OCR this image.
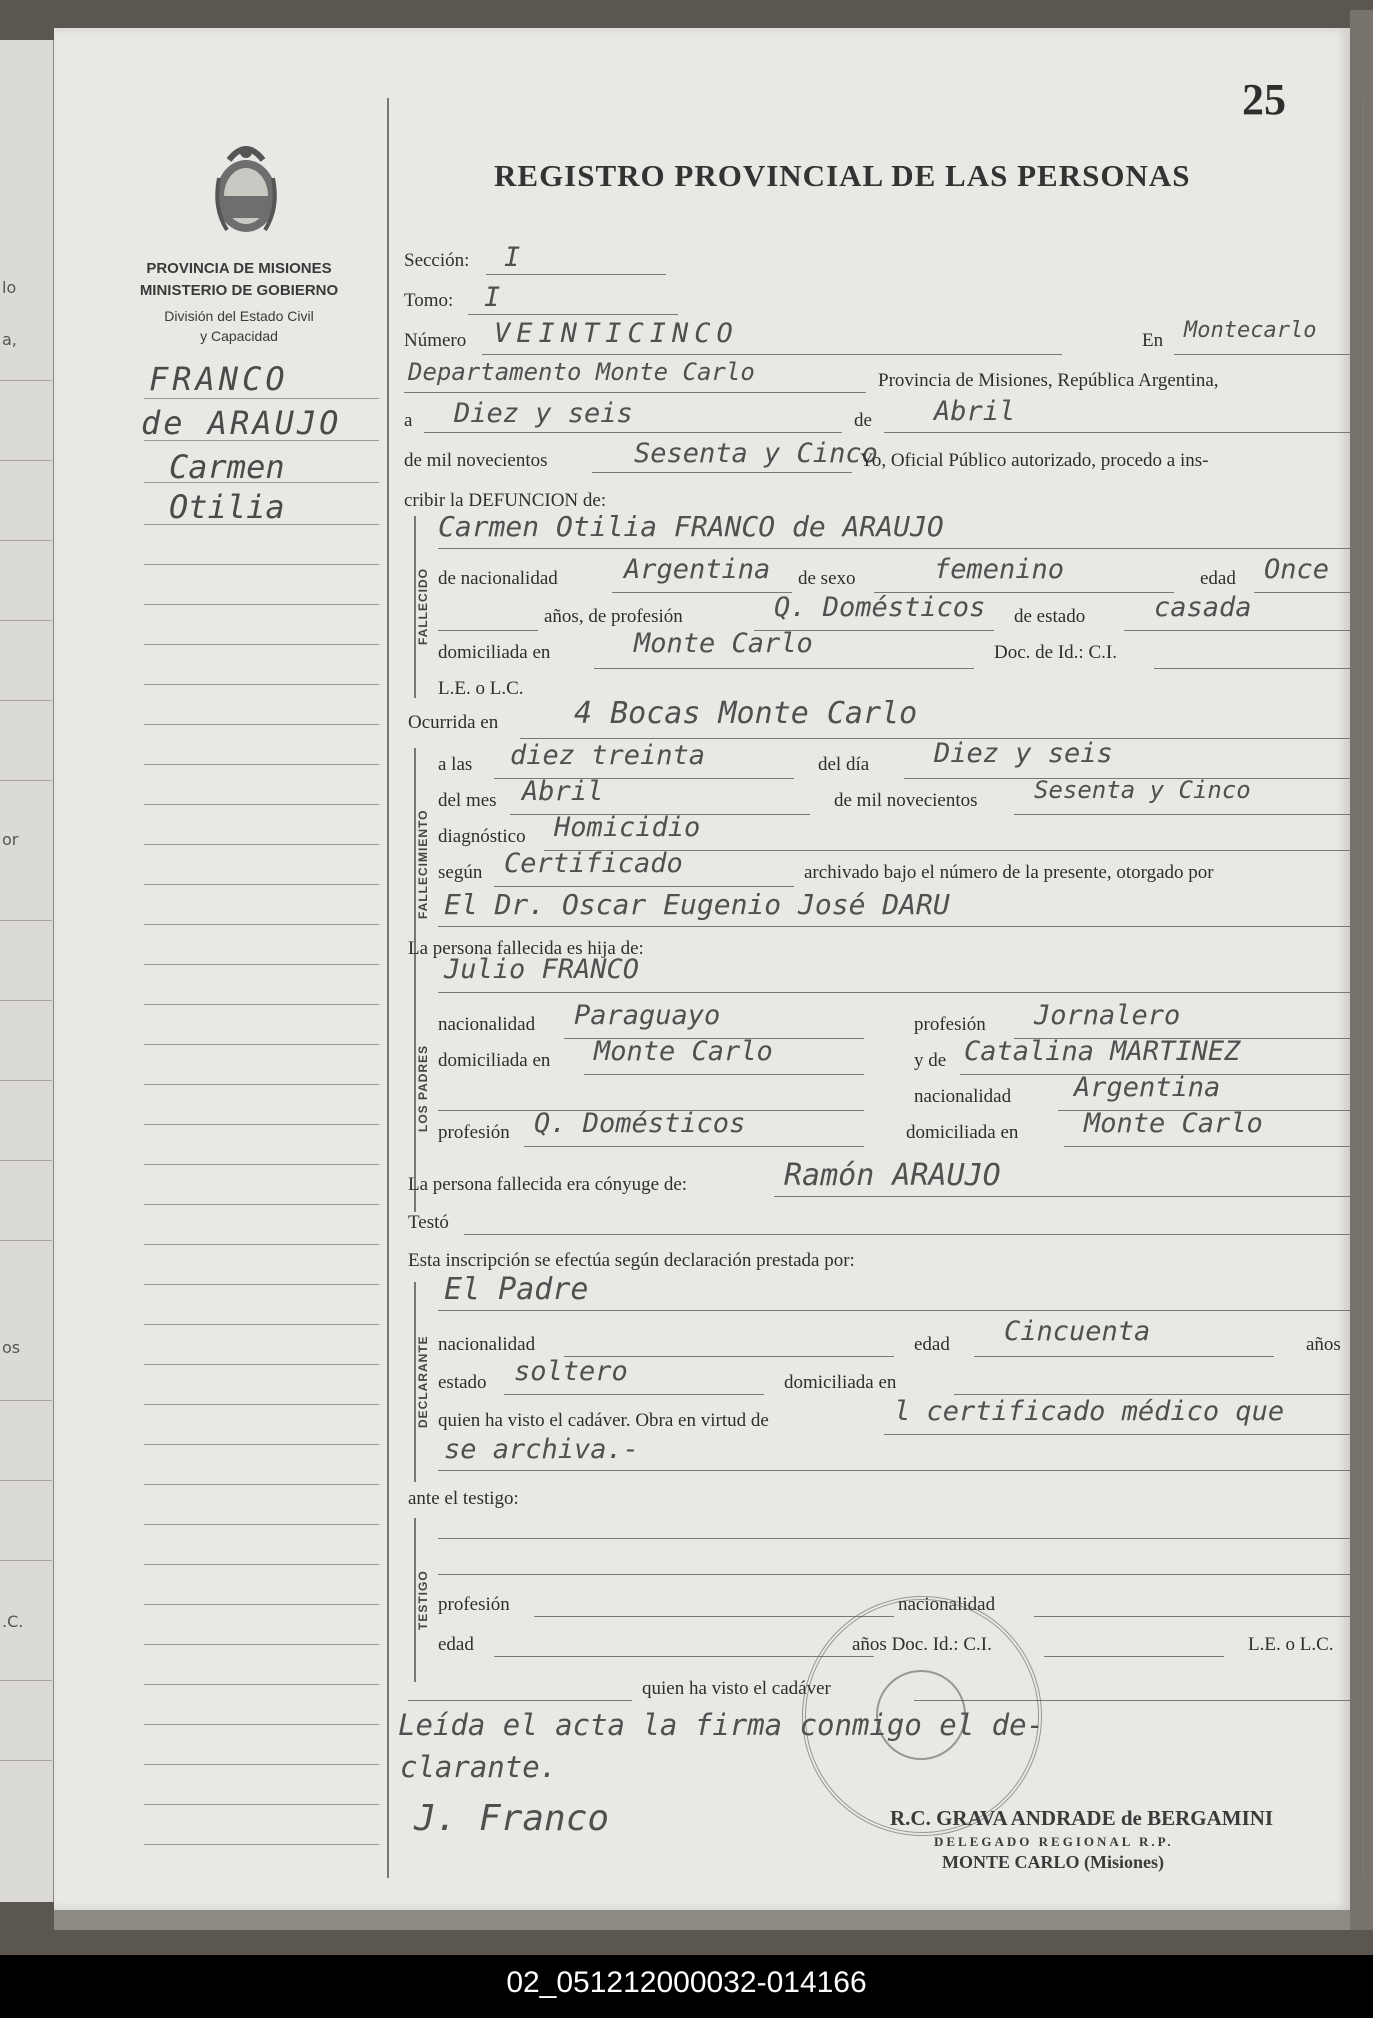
lo
a,
or
os
.C.
25
REGISTRO PROVINCIAL DE LAS PERSONAS
PROVINCIA DE MISIONES
MINISTERIO DE GOBIERNO
División del Estado Civil
y Capacidad
FRANCO
de ARAUJO
Carmen
Otilia
Sección: I
Tomo: I
Número VEINTICINCO	En Montecarlo
Departamento Monte Carlo	Provincia de Misiones, República Argentina,
a Diez y seis	de Abril
de mil novecientos	Sesenta y Cinco
Yo, Oficial Público autorizado, procedo a ins-
cribir la DEFUNCION de:
FALLECIDO
Carmen Otilia FRANCO de ARAUJO
de nacionalidad Argentina de sexo	femenino	edad Once
años, de profesión	Q. Domésticos de estado	casada
domiciliada en	Monte Carlo	Doc. de Id.: C.I.
L.E. o L.C.
Ocurrida en	4 Bocas Monte Carlo
FALLECIMIENTO
a las diez treinta	del día Diez y seis
del mes Abril	de mil novecientos Sesenta y Cinco
diagnóstico Homicidio
según Certificado	archivado bajo el número de la presente, otorgado por
El Dr. Oscar Eugenio José DARU
La persona fallecida es hija de:
LOS PADRES
Julio FRANCO
nacionalidad Paraguayo	profesión Jornalero
domiciliada en Monte Carlo	y de Catalina MARTINEZ
nacionalidad Argentina
profesión Q. Domésticos	domiciliada en Monte Carlo
La persona fallecida era cónyuge de:	Ramón ARAUJO
Testó
Esta inscripción se efectúa según declaración prestada por:
DECLARANTE
El Padre
nacionalidad	edad Cincuenta	años
estado soltero	domiciliada en
quien ha visto el cadáver. Obra en virtud de	l certificado médico que
se archiva.-
ante el testigo:
TESTIGO profesión	nacionalidad
edad	años Doc. Id.: C.I.	L.E. o L.C.
quien ha visto el cadáver
Leída el acta la firma conmigo el de-
clarante.
J. Franco	R.C. GRAVA ANDRADE de BERGAMINI
DELEGADO REGIONAL R.P.
MONTE CARLO (Misiones)
02_051212000032-014166
